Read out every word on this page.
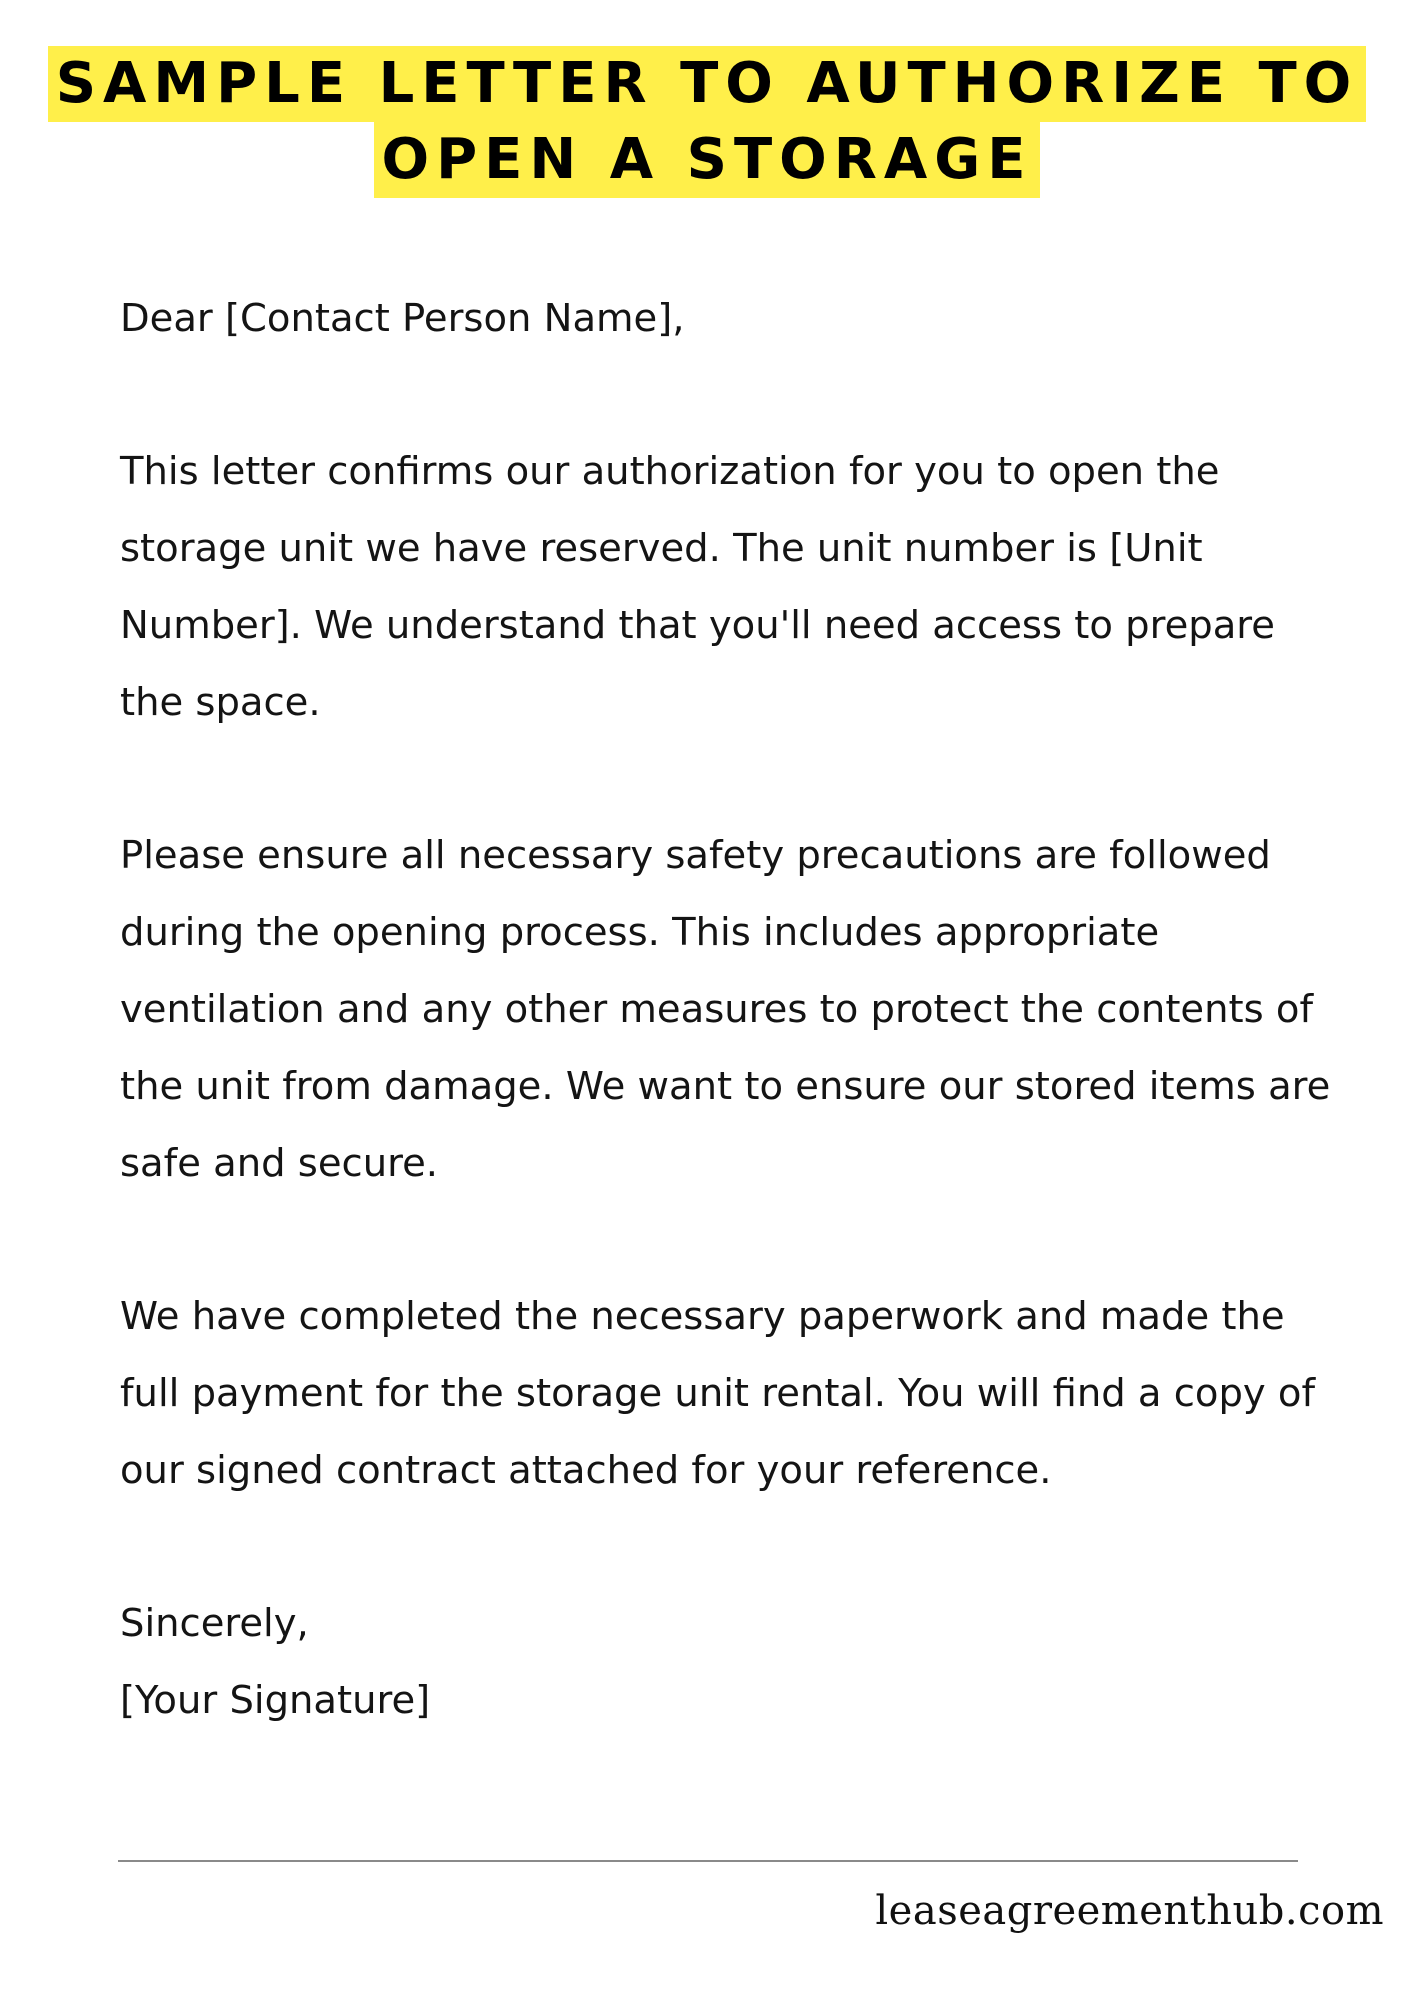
SAMPLE LETTER TO AUTHORIZE TO
OPEN A STORAGE

Dear [Contact Person Name],

This letter confirms our authorization for you to open the storage unit we have reserved. The unit number is [Unit Number]. We understand that you'll need access to prepare the space.

Please ensure all necessary safety precautions are followed during the opening process. This includes appropriate ventilation and any other measures to protect the contents of the unit from damage. We want to ensure our stored items are safe and secure.

We have completed the necessary paperwork and made the full payment for the storage unit rental. You will find a copy of our signed contract attached for your reference.

Sincerely,

[Your Signature]

leaseagreementhub.com
